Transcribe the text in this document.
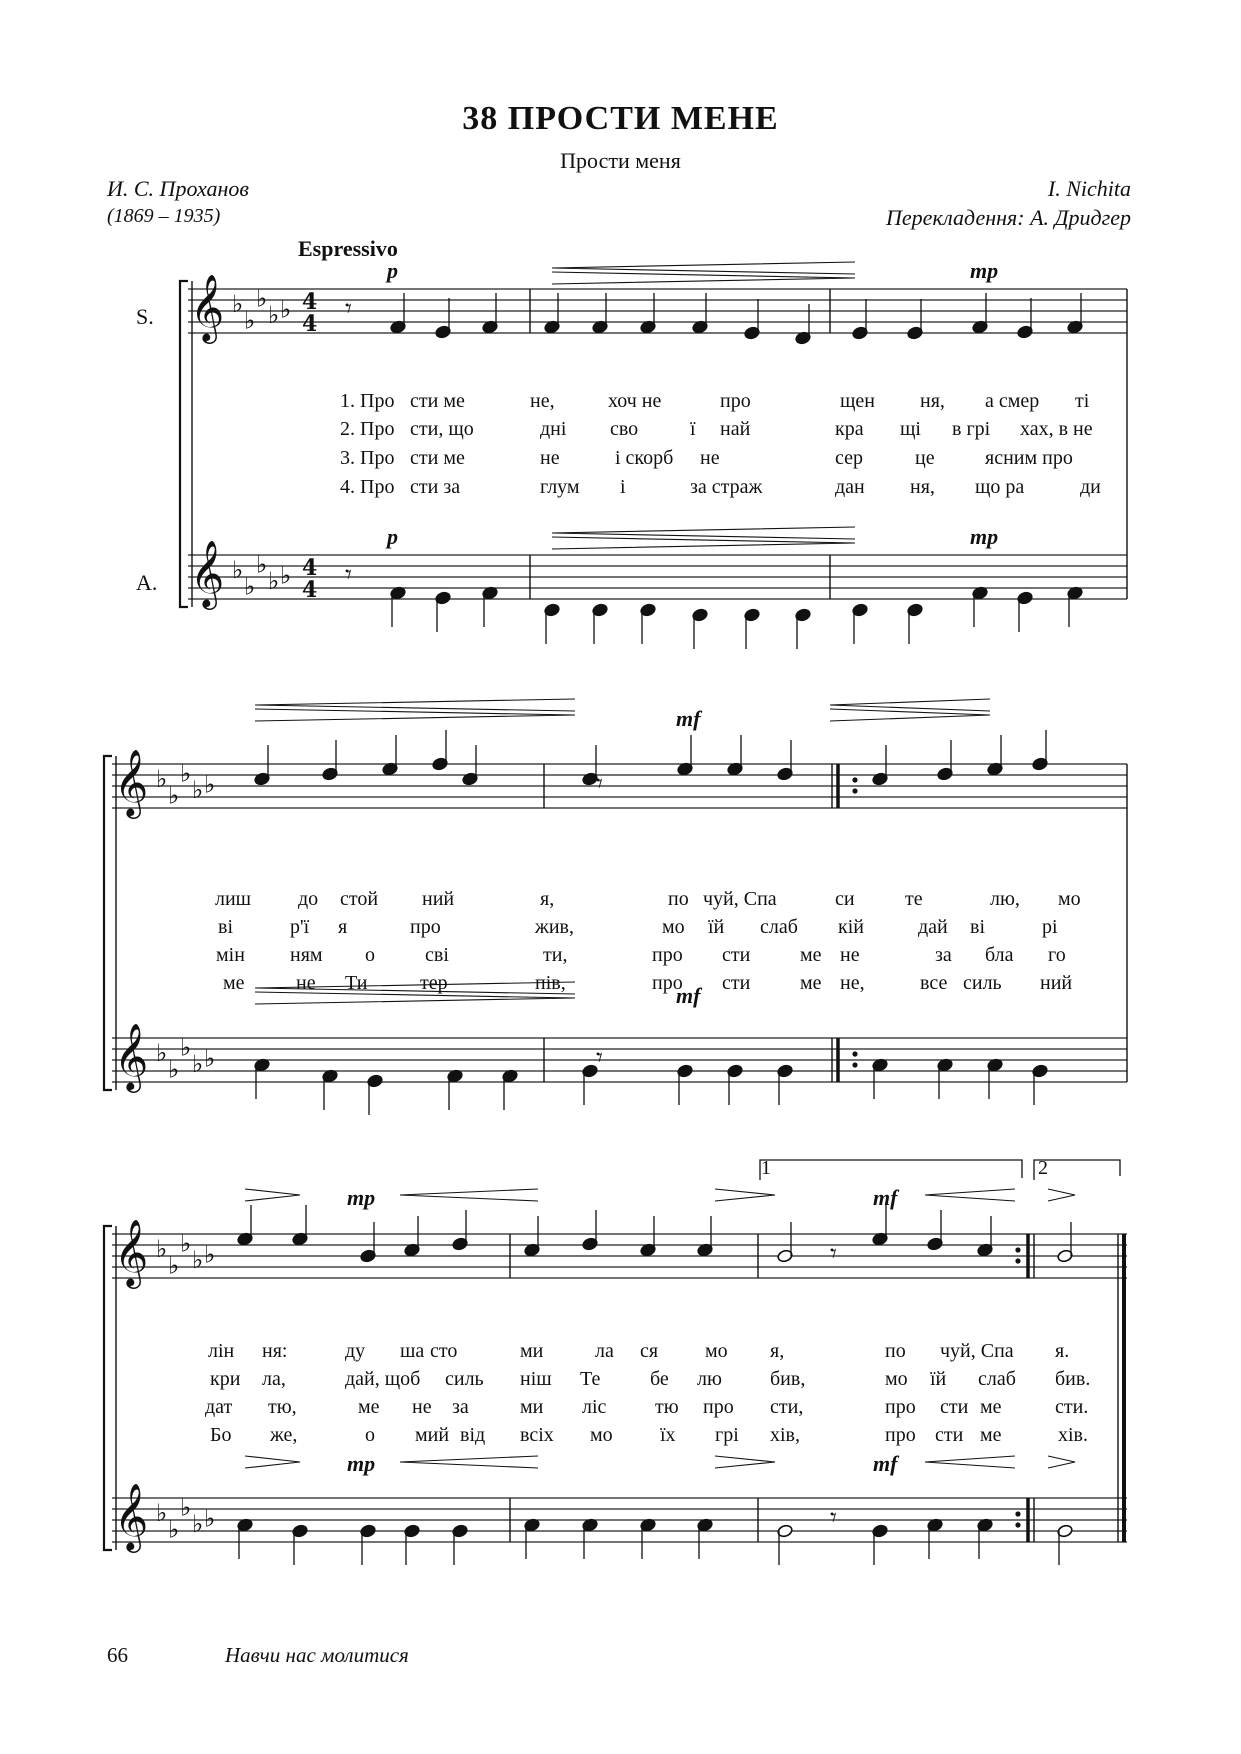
38 ПРОСТИ МЕНЕ
Прости меня
И. С. Проханов
(1869 – 1935)
I. Nichita
Перекладення: А. Дридгер
Espressivo
S.
A.
p	mp
p	mp
mf
mf
mp	mf
mp	mf
1	2
𝄞
𝄞
♭
♭
♭
♭ ♭
♭
♭
♭
♭ ♭
4
4
4
4
𝄾
𝄾
𝄞
𝄞
♭
♭
♭
♭ ♭
♭
♭
♭
♭ ♭
𝄾
𝄾
𝄞
𝄞
♭
♭
♭
♭ ♭
♭
♭
♭
♭ ♭
𝄾
𝄾
1. Про сти ме	не,	хоч не	про	щен ня, а смер ті
2. Про сти, що	дні сво	ї най	кра щі в грі хах, в не
3. Про сти ме	не	і скорб не	сер	це	ясним про
4. Про сти за	глум і	за страж	дан ня, що ра	ди
лиш до стой ний	я,	по чуй, Спа	си	те	лю, мо
ві	р'ї я	про	жив,	мо їй слаб кій	дай ві	рі
мін ням о	сві	ти,	про сти ме не	за бла го
ме	не Ти	тер	пів,	про сти ме не,	все силь ний
лін ня:	ду ша сто	ми	ла ся мо я,	по чуй, Спа я.
кри ла,	дай, щоб силь ніш Те бе лю бив,	мо їй слаб бив.
дат тю,	ме не за	ми ліс тю про сти,	про сти ме	сти.
Бо же,	о мий від всіх мо їх грі хів,	про сти ме	хів.
66	Навчи нас молитися
